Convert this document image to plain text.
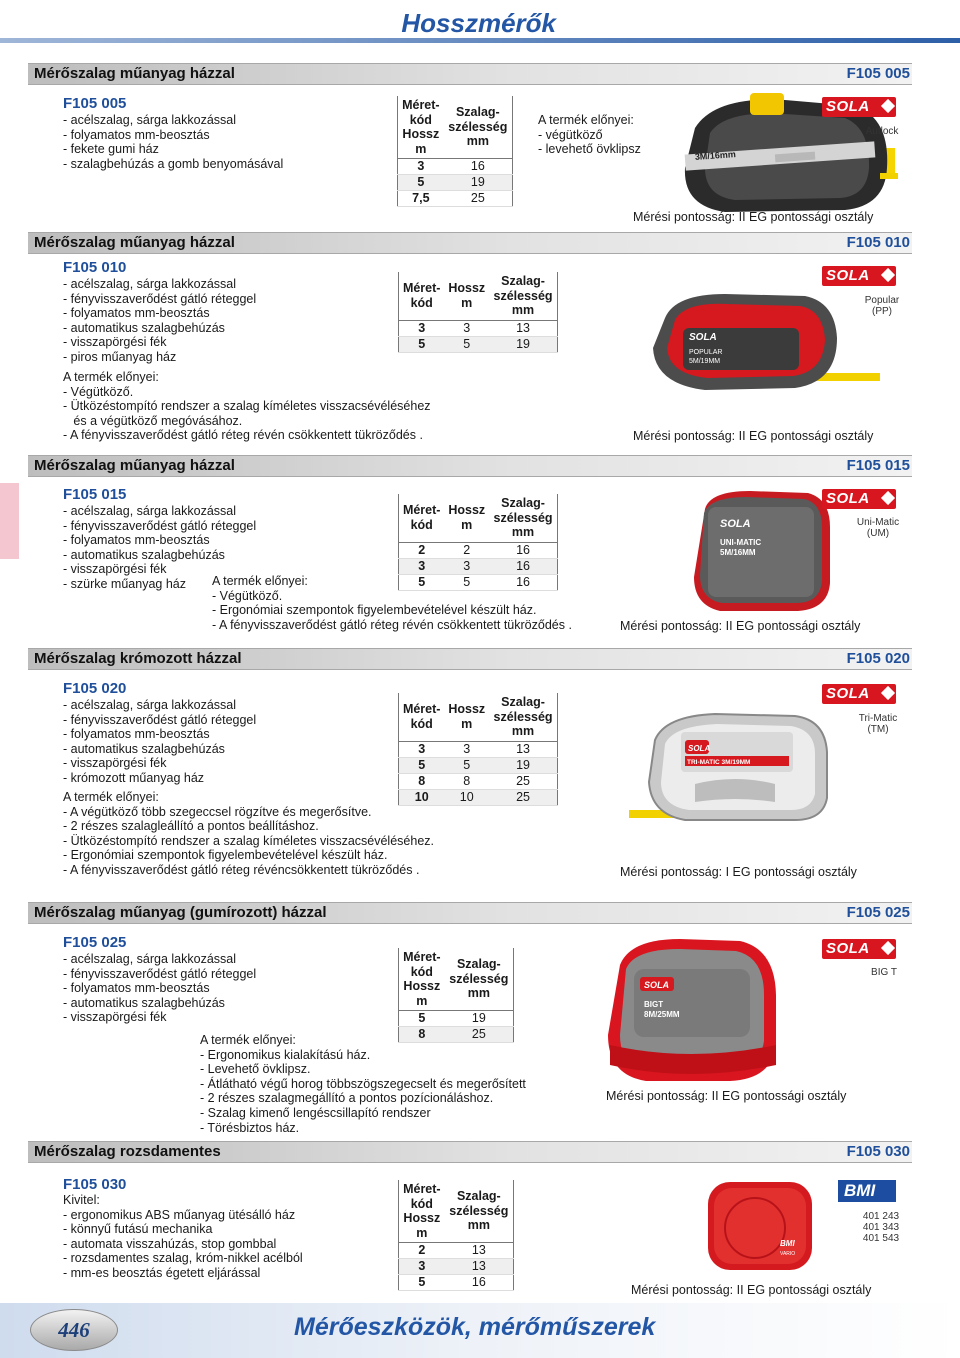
Hosszmérők
Mérőszalag műanyag házzal	F105 005
F105 005
- acélszalag, sárga lakkozással
- folyamatos mm-beosztás
- fekete gumi ház
- szalagbehúzás a gomb benyomásával
Méret-
kód
Hossz
m	Szalag-
szélesség
mm
3	16
5	19
7,5	25
A termék előnyei:
- végütköző
- levehető övklipsz	3M/16mm
SOLA
Autlock
Mérési pontosság: II EG pontossági osztály
Mérőszalag műanyag házzal	F105 010
F105 010
- acélszalag, sárga lakkozással
- fényvisszaverődést gátló réteggel
- folyamatos mm-beosztás
- automatikus szalagbehúzás
- visszapörgési fék
- piros műanyag ház
Méret-
kód	Hossz
m	Szalag-
szélesség
mm
3	3	13
5	5	19
A termék előnyei:
- Végütköző.
- Ütközéstompító rendszer a szalag kíméletes visszacsévéléséhez
és a végütköző megóvásához.
- A fényvisszaverődést gátló réteg révén csökkentett tükröződés .
SOLA
POPULAR
5M/19MM
SOLA
Popular
(PP)
Mérési pontosság: II EG pontossági osztály
Mérőszalag műanyag házzal	F105 015
F105 015
- acélszalag, sárga lakkozással
- fényvisszaverődést gátló réteggel
- folyamatos mm-beosztás
- automatikus szalagbehúzás
- visszapörgési fék
- szürke műanyag ház
Méret-
kód	Hossz
m	Szalag-
szélesség
mm
2	2	16
3	3	16
5	5	16
A termék előnyei:
- Végütköző.
- Ergonómiai szempontok figyelembevételével készült ház.
- A fényvisszaverődést gátló réteg révén csökkentett tükröződés .
SOLA
UNI-MATIC
5M/16MM
SOLA
Uni-Matic
(UM)
Mérési pontosság: II EG pontossági osztály
Mérőszalag krómozott házzal	F105 020
F105 020
- acélszalag, sárga lakkozással
- fényvisszaverődést gátló réteggel
- folyamatos mm-beosztás
- automatikus szalagbehúzás
- visszapörgési fék
- krómozott műanyag ház
Méret-
kód	Hossz
m	Szalag-
szélesség
mm
3	3	13
5	5	19
8	8	25
10	10	25
A termék előnyei:
- A végütköző több szegeccsel rögzítve és megerősítve.
- 2 részes szalagleállító a pontos beállításhoz.
- Ütközéstompító rendszer a szalag kíméletes visszacsévéléséhez.
- Ergonómiai szempontok figyelembevételével készült ház.
- A fényvisszaverődést gátló réteg révéncsökkentett tükröződés .
SOLA
TRI-MATIC 3M/19MM
SOLA
Tri-Matic
(TM)
Mérési pontosság: I EG pontossági osztály
Mérőszalag műanyag (gumírozott) házzal	F105 025
F105 025
- acélszalag, sárga lakkozással
- fényvisszaverődést gátló réteggel
- folyamatos mm-beosztás
- automatikus szalagbehúzás
- visszapörgési fék
Méret-
kód
Hossz
m	Szalag-
szélesség
mm
5	19
8	25
A termék előnyei:
- Ergonomikus kialakítású ház.
- Levehető övklipsz.
- Átlátható végű horog többszögszegecselt és megerősített
- 2 részes szalagmegállító a pontos pozícionáláshoz.
- Szalag kimenő lengéscsillapító rendszer
- Törésbiztos ház.
SOLA
BIGT
8M/25MM
SOLA
BIG T
Mérési pontosság: II EG pontossági osztály
Mérőszalag rozsdamentes	F105 030
F105 030
Kivitel:
- ergonomikus ABS műanyag ütésálló ház
- könnyű futású mechanika
- automata visszahúzás, stop gombbal
- rozsdamentes szalag, króm-nikkel acélból
- mm-es beosztás égetett eljárással
Méret-
kód
Hossz
m	Szalag-
szélesség
mm
2	13
3	13
5	16
BMI
VARIO
BMI
401 243
401 343
401 543
Mérési pontosság: II EG pontossági osztály
446	Mérőeszközök, mérőműszerek
